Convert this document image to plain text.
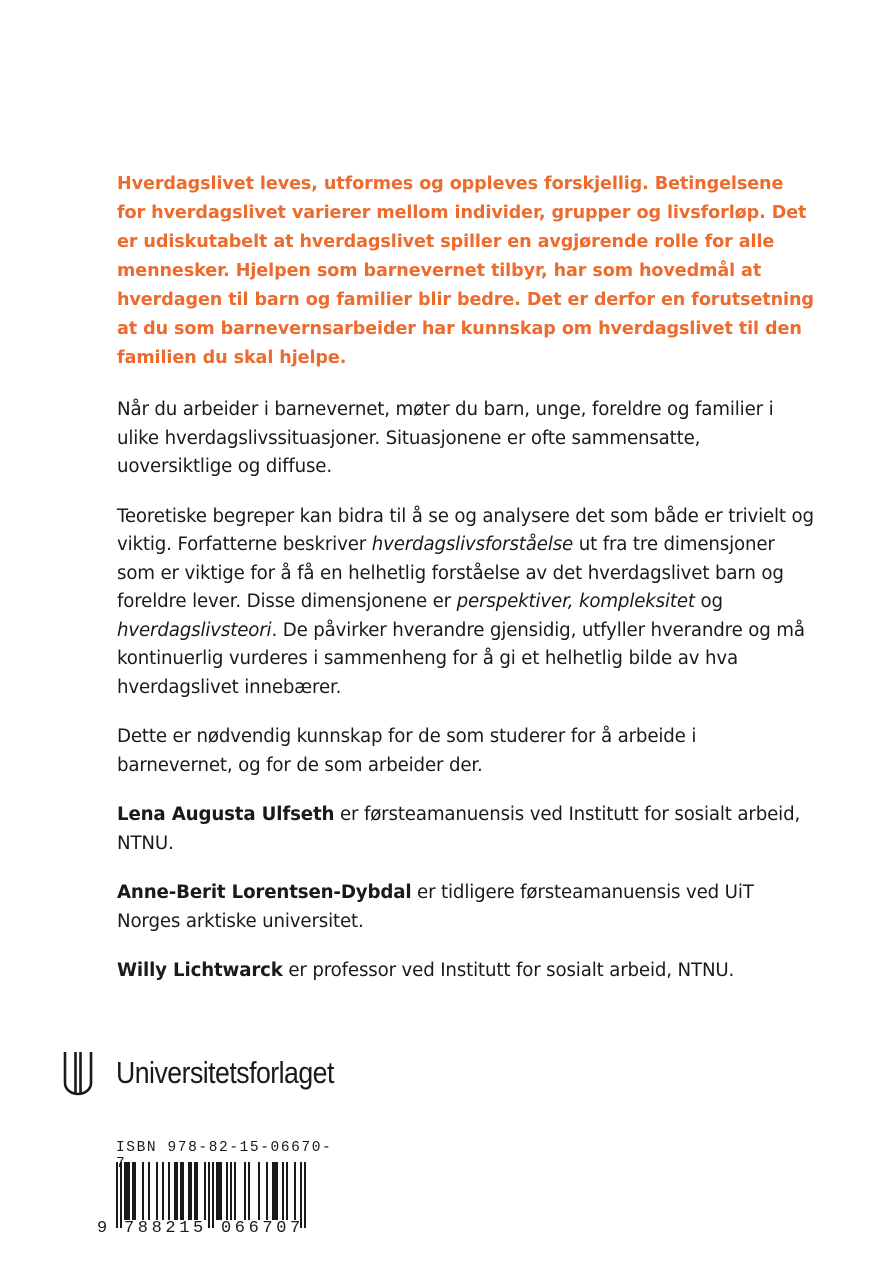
Hverdagslivet leves, utformes og oppleves forskjellig. Betingelsene for hverdagslivet varierer mellom individer, grupper og livsforløp. Det er udiskutabelt at hverdagslivet spiller en avgjørende rolle for alle mennesker. Hjelpen som barnevernet tilbyr, har som hovedmål at hverdagen til barn og familier blir bedre. Det er derfor en forutsetning at du som barnevernsarbeider har kunnskap om hverdagslivet til den familien du skal hjelpe.

Når du arbeider i barnevernet, møter du barn, unge, foreldre og familier i ulike hverdagslivssituasjoner. Situasjonene er ofte sammensatte, uoversiktlige og diffuse.

Teoretiske begreper kan bidra til å se og analysere det som både er trivielt og viktig. Forfatterne beskriver hverdagslivsforståelse ut fra tre dimensjoner som er viktige for å få en helhetlig forståelse av det hverdagslivet barn og foreldre lever. Disse dimensjonene er perspektiver, kompleksitet og hverdagslivsteori. De påvirker hverandre gjensidig, utfyller hverandre og må kontinuerlig vurderes i sammenheng for å gi et helhetlig bilde av hva hverdagslivet innebærer.

Dette er nødvendig kunnskap for de som studerer for å arbeide i barnevernet, og for de som arbeider der.

Lena Augusta Ulfseth er førsteamanuensis ved Institutt for sosialt arbeid, NTNU.

Anne-Berit Lorentsen-Dybdal er tidligere førsteamanuensis ved UiT Norges arktiske universitet.

Willy Lichtwarck er professor ved Institutt for sosialt arbeid, NTNU.

Universitetsforlaget
ISBN 978-82-15-06670-
9 788215 066707
